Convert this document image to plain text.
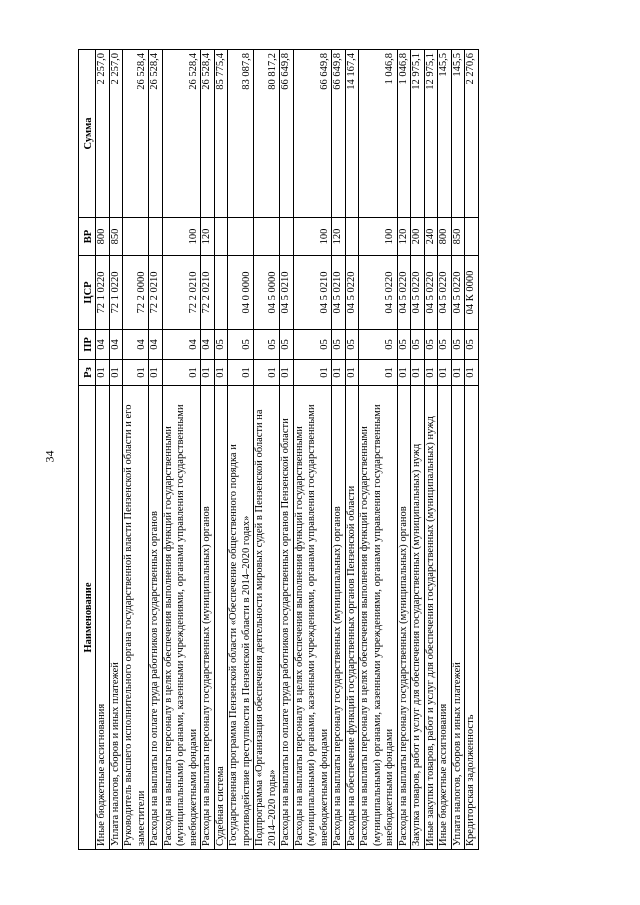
34
Наименование	Рз	ПР	ЦСР	ВР	Сумма
Иные бюджетные ассигнования	01	04	72 1 0220	800	2 257,0
Уплата налогов, сборов и иных платежей	01	04	72 1 0220	850	2 257,0
Руководитель высшего исполнительного органа государственной власти Пензенской области и его заместители	01	04	72 2 0000		26 528,4
Расходы на выплаты по оплате труда работников государственных органов	01	04	72 2 0210		26 528,4
Расходы на выплаты персоналу в целях обеспечения выполнения функций государственными (муниципальными) органами, казенными учреждениями, органами управления государственными внебюджетными фондами	01	04	72 2 0210	100	26 528,4
Расходы на выплаты персоналу государственных (муниципальных) органов	01	04	72 2 0210	120	26 528,4
Судебная система	01	05			85 775,4
Государственная программа Пензенской области «Обеспечение общественного порядка и противодействие преступности в Пензенской области в 2014–2020 годах»	01	05	04 0 0000		83 087,8
Подпрограмма «Организация обеспечения деятельности мировых судей в Пензенской области на 2014–2020 годы»	01	05	04 5 0000		80 817,2
Расходы на выплаты по оплате труда работников государственных органов Пензенской области	01	05	04 5 0210		66 649,8
Расходы на выплаты персоналу в целях обеспечения выполнения функций государственными (муниципальными) органами, казенными учреждениями, органами управления государственными внебюджетными фондами	01	05	04 5 0210	100	66 649,8
Расходы на выплаты персоналу государственных (муниципальных) органов	01	05	04 5 0210	120	66 649,8
Расходы на обеспечение функций государственных органов Пензенской области	01	05	04 5 0220		14 167,4
Расходы на выплаты персоналу в целях обеспечения выполнения функций государственными (муниципальными) органами, казенными учреждениями, органами управления государственными внебюджетными фондами	01	05	04 5 0220	100	1 046,8
Расходы на выплаты персоналу государственных (муниципальных) органов	01	05	04 5 0220	120	1 046,8
Закупка товаров, работ и услуг для обеспечения государственных (муниципальных) нужд	01	05	04 5 0220	200	12 975,1
Иные закупки товаров, работ и услуг для обеспечения государственных (муниципальных) нужд	01	05	04 5 0220	240	12 975,1
Иные бюджетные ассигнования	01	05	04 5 0220	800	145,5
Уплата налогов, сборов и иных платежей	01	05	04 5 0220	850	145,5
Кредиторская задолженность	01	05	04 К 0000		2 270,6
